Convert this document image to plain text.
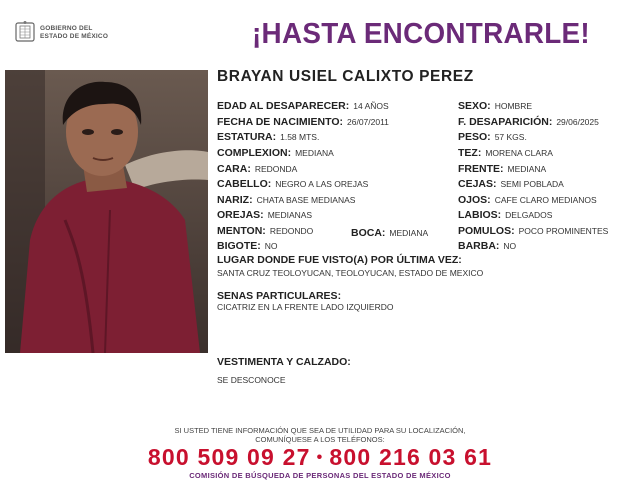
GOBIERNO DEL
ESTADO DE MÉXICO	¡HASTA ENCONTRARLE!
BRAYAN USIEL CALIXTO PEREZ
EDAD AL DESAPARECER: 14 AÑOS
FECHA DE NACIMIENTO: 26/07/2011
ESTATURA: 1.58 MTS.
COMPLEXION: MEDIANA
CARA: REDONDA
CABELLO: NEGRO A LAS OREJAS
NARIZ: CHATA BASE MEDIANAS
OREJAS: MEDIANAS
MENTON: REDONDO	BOCA: MEDIANA
BIGOTE: NO
SEXO: HOMBRE
F. DESAPARICIÓN: 29/06/2025
PESO: 57 KGS.
TEZ: MORENA CLARA
FRENTE: MEDIANA
CEJAS: SEMI POBLADA
OJOS: CAFE CLARO MEDIANOS
LABIOS: DELGADOS
POMULOS: POCO PROMINENTES
BARBA: NO
LUGAR DONDE FUE VISTO(A) POR ÚLTIMA VEZ:
SANTA CRUZ TEOLOYUCAN, TEOLOYUCAN, ESTADO DE MEXICO
SENAS PARTICULARES:
CICATRIZ EN LA FRENTE LADO IZQUIERDO
VESTIMENTA Y CALZADO:
SE DESCONOCE
SI USTED TIENE INFORMACIÓN QUE SEA DE UTILIDAD PARA SU LOCALIZACIÓN,
COMUNÍQUESE A LOS TELÉFONOS:
800 509 09 27 • 800 216 03 61
COMISIÓN DE BÚSQUEDA DE PERSONAS DEL ESTADO DE MÉXICO
